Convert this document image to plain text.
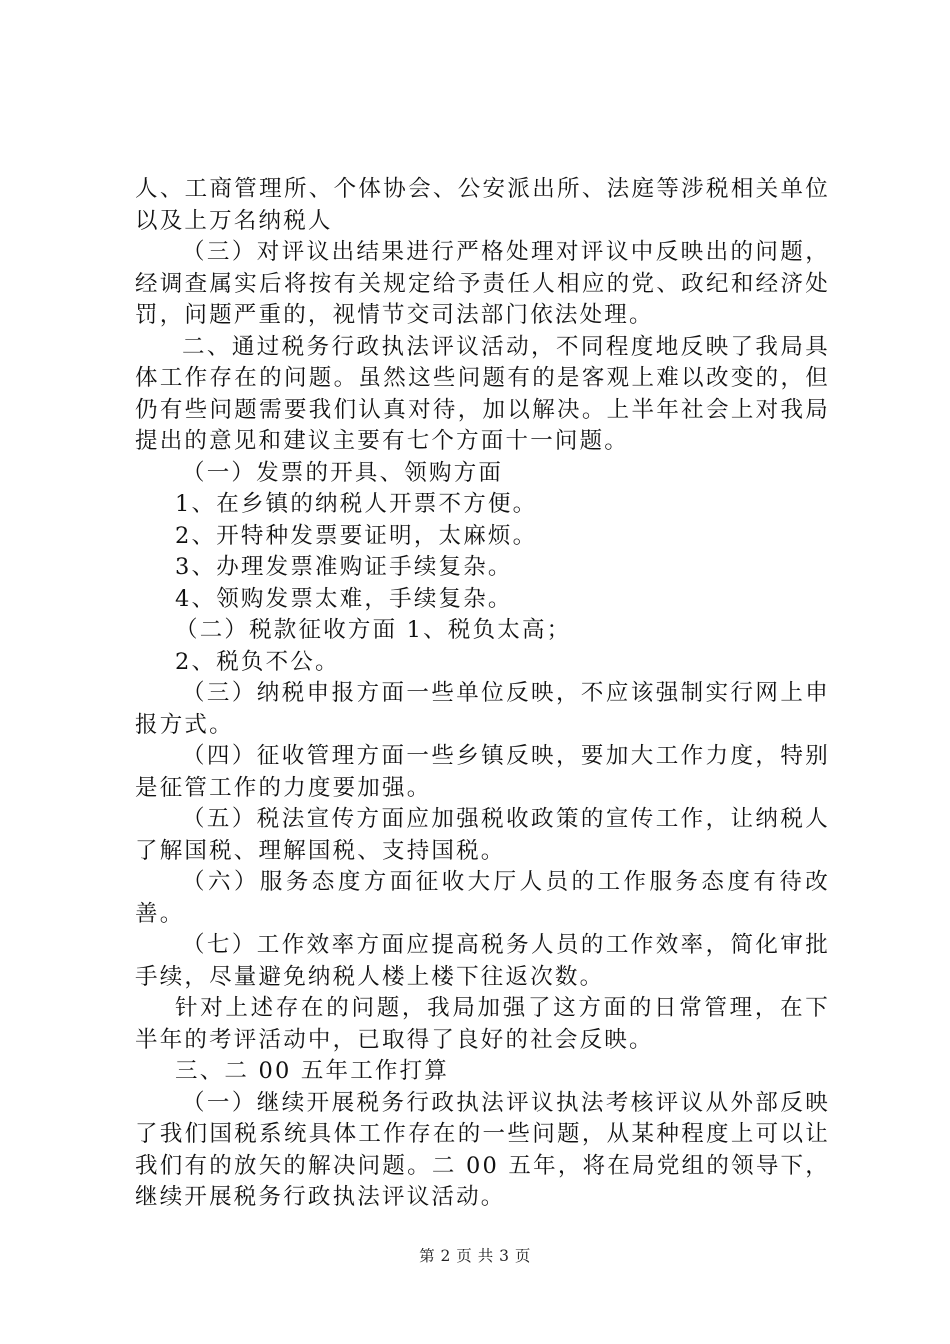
人、工商管理所、个体协会、公安派出所、法庭等涉税相关单位以及上万名纳税人

（三）对评议出结果进行严格处理对评议中反映出的问题，经调查属实后将按有关规定给予责任人相应的党、政纪和经济处罚，问题严重的，视情节交司法部门依法处理。

二、通过税务行政执法评议活动，不同程度地反映了我局具体工作存在的问题。虽然这些问题有的是客观上难以改变的，但仍有些问题需要我们认真对待，加以解决。上半年社会上对我局提出的意见和建议主要有七个方面十一问题。

（一）发票的开具、领购方面

1、在乡镇的纳税人开票不方便。

2、开特种发票要证明，太麻烦。

3、办理发票准购证手续复杂。

4、领购发票太难，手续复杂。

（二）税款征收方面 1、税负太高；

2、税负不公。

（三）纳税申报方面一些单位反映，不应该强制实行网上申报方式。

（四）征收管理方面一些乡镇反映，要加大工作力度，特别是征管工作的力度要加强。

（五）税法宣传方面应加强税收政策的宣传工作，让纳税人了解国税、理解国税、支持国税。

（六）服务态度方面征收大厅人员的工作服务态度有待改善。

（七）工作效率方面应提高税务人员的工作效率，简化审批手续，尽量避免纳税人楼上楼下往返次数。

针对上述存在的问题，我局加强了这方面的日常管理，在下半年的考评活动中，已取得了良好的社会反映。

三、二 00 五年工作打算

（一）继续开展税务行政执法评议执法考核评议从外部反映了我们国税系统具体工作存在的一些问题，从某种程度上可以让我们有的放矢的解决问题。二 00 五年，将在局党组的领导下，继续开展税务行政执法评议活动。

第 2 页 共 3 页
